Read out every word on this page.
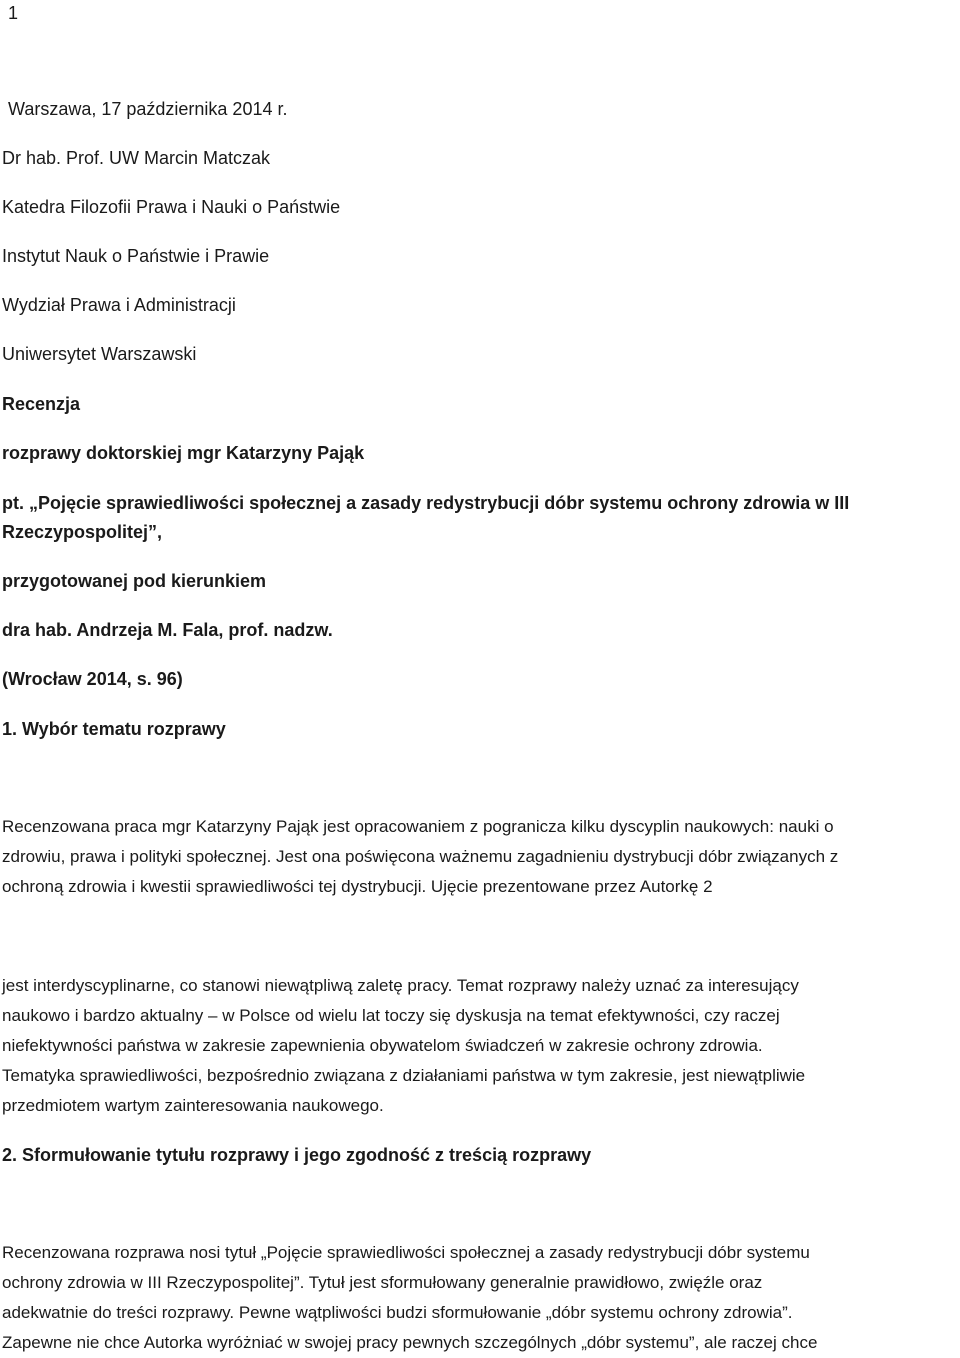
1
Warszawa, 17 października 2014 r.
Dr hab. Prof. UW Marcin Matczak
Katedra Filozofii Prawa i Nauki o Państwie
Instytut Nauk o Państwie i Prawie
Wydział Prawa i Administracji
Uniwersytet Warszawski
Recenzja
rozprawy doktorskiej mgr Katarzyny Pająk
pt. „Pojęcie sprawiedliwości społecznej a zasady redystrybucji dóbr systemu ochrony zdrowia w III
Rzeczypospolitej”,
przygotowanej pod kierunkiem
dra hab. Andrzeja M. Fala, prof. nadzw.
(Wrocław 2014, s. 96)
1. Wybór tematu rozprawy
Recenzowana praca mgr Katarzyny Pająk jest opracowaniem z pogranicza kilku dyscyplin naukowych: nauki o
zdrowiu, prawa i polityki społecznej. Jest ona poświęcona ważnemu zagadnieniu dystrybucji dóbr związanych z
ochroną zdrowia i kwestii sprawiedliwości tej dystrybucji. Ujęcie prezentowane przez Autorkę 2
jest interdyscyplinarne, co stanowi niewątpliwą zaletę pracy. Temat rozprawy należy uznać za interesujący
naukowo i bardzo aktualny – w Polsce od wielu lat toczy się dyskusja na temat efektywności, czy raczej
niefektywności państwa w zakresie zapewnienia obywatelom świadczeń w zakresie ochrony zdrowia.
Tematyka sprawiedliwości, bezpośrednio związana z działaniami państwa w tym zakresie, jest niewątpliwie
przedmiotem wartym zainteresowania naukowego.
2. Sformułowanie tytułu rozprawy i jego zgodność z treścią rozprawy
Recenzowana rozprawa nosi tytuł „Pojęcie sprawiedliwości społecznej a zasady redystrybucji dóbr systemu
ochrony zdrowia w III Rzeczypospolitej”. Tytuł jest sformułowany generalnie prawidłowo, zwięźle oraz
adekwatnie do treści rozprawy. Pewne wątpliwości budzi sformułowanie „dóbr systemu ochrony zdrowia”.
Zapewne nie chce Autorka wyróżniać w swojej pracy pewnych szczególnych „dóbr systemu”, ale raczej chce
